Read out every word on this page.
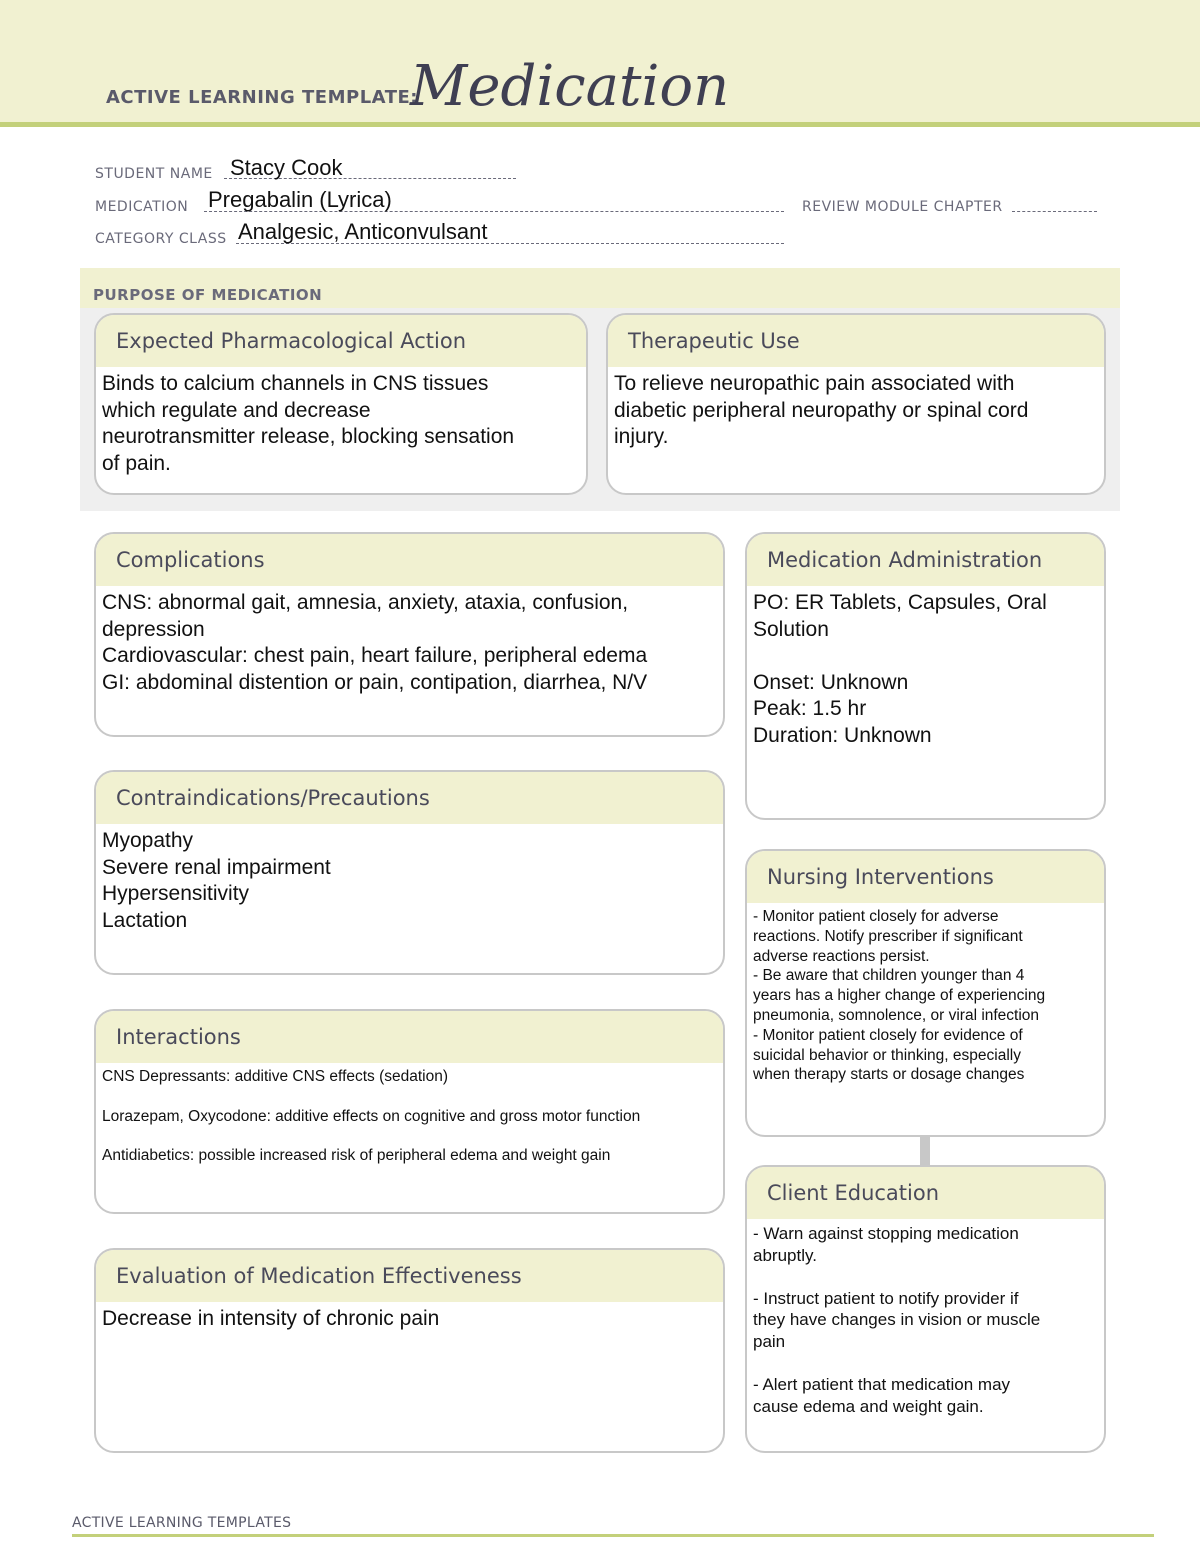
ACTIVE LEARNING TEMPLATE:
Medication
STUDENT NAME Stacy Cook
MEDICATION Pregabalin (Lyrica)	REVIEW MODULE CHAPTER
CATEGORY CLASS Analgesic, Anticonvulsant
PURPOSE OF MEDICATION
Expected Pharmacological Action
Binds to calcium channels in CNS tissues
which regulate and decrease
neurotransmitter release, blocking sensation
of pain.
Therapeutic Use
To relieve neuropathic pain associated with
diabetic peripheral neuropathy or spinal cord
injury.
Complications
CNS: abnormal gait, amnesia, anxiety, ataxia, confusion,
depression
Cardiovascular: chest pain, heart failure, peripheral edema
GI: abdominal distention or pain, contipation, diarrhea, N/V
Contraindications/Precautions
Myopathy
Severe renal impairment
Hypersensitivity
Lactation
Interactions
CNS Depressants: additive CNS effects (sedation)

Lorazepam, Oxycodone: additive effects on cognitive and gross motor function

Antidiabetics: possible increased risk of peripheral edema and weight gain
Evaluation of Medication Effectiveness
Decrease in intensity of chronic pain
Medication Administration
PO: ER Tablets, Capsules, Oral
Solution

Onset: Unknown
Peak: 1.5 hr
Duration: Unknown
Nursing Interventions
- Monitor patient closely for adverse
reactions. Notify prescriber if significant
adverse reactions persist.
- Be aware that children younger than 4
years has a higher change of experiencing
pneumonia, somnolence, or viral infection
- Monitor patient closely for evidence of
suicidal behavior or thinking, especially
when therapy starts or dosage changes
Client Education
- Warn against stopping medication
abruptly.

- Instruct patient to notify provider if
they have changes in vision or muscle
pain

- Alert patient that medication may
cause edema and weight gain.
ACTIVE LEARNING TEMPLATES
